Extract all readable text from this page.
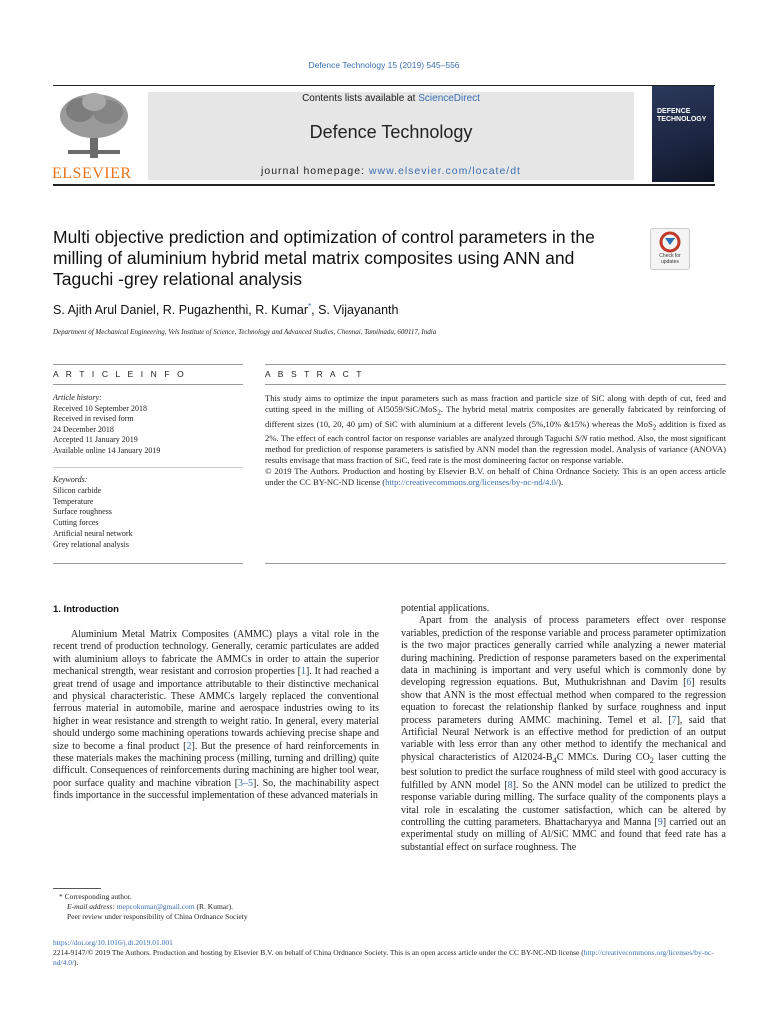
Defence Technology 15 (2019) 545–556
ELSEVIER
Contents lists available at ScienceDirect
Defence Technology
journal homepage: www.elsevier.com/locate/dt
DEFENCE TECHNOLOGY
Multi objective prediction and optimization of control parameters in the milling of aluminium hybrid metal matrix composites using ANN and Taguchi -grey relational analysis
Check for updates
S. Ajith Arul Daniel, R. Pugazhenthi, R. Kumar*, S. Vijayananth
Department of Mechanical Engineering, Vels Institute of Science, Technology and Advanced Studies, Chennai, Tamilnadu, 600117, India
A R T I C L E I N F O	A B S T R A C T
Article history:
Received 10 September 2018
Received in revised form
24 December 2018
Accepted 11 January 2019
Available online 14 January 2019
Keywords:
Silicon carbide
Temperature
Surface roughness
Cutting forces
Artificial neural network
Grey relational analysis
This study aims to optimize the input parameters such as mass fraction and particle size of SiC along with depth of cut, feed and cutting speed in the milling of Al5059/SiC/MoS$_2$. The hybrid metal matrix composites are generally fabricated by reinforcing of different sizes (10, 20, 40 µm) of SiC with aluminium at a different levels (5%,10% &15%) whereas the MoS$_2$ addition is fixed as 2%. The effect of each control factor on response variables are analyzed through Taguchi S/N ratio method. Also, the most significant method for prediction of response parameters is satisfied by ANN model than the regression model. Analysis of variance (ANOVA) results envisage that mass fraction of SiC, feed rate is the most domineering factor on response variable.
© 2019 The Authors. Production and hosting by Elsevier B.V. on behalf of China Ordnance Society. This is an open access article under the CC BY-NC-ND license (http://creativecommons.org/licenses/by-nc-nd/4.0/).
1. Introduction
Aluminium Metal Matrix Composites (AMMC) plays a vital role in the recent trend of production technology. Generally, ceramic particulates are added with aluminium alloys to fabricate the AMMCs in order to attain the superior mechanical strength, wear resistant and corrosion properties [1]. It had reached a great trend of usage and importance attributable to their distinctive mechanical and physical characteristic. These AMMCs largely replaced the conventional ferrous material in automobile, marine and aerospace industries owing to its higher in wear resistance and strength to weight ratio. In general, every material should undergo some machining operations towards achieving precise shape and size to become a final product [2]. But the presence of hard reinforcements in these materials makes the machining process (milling, turning and drilling) quite difficult. Consequences of reinforcements during machining are higher tool wear, poor surface quality and machine vibration [3–5]. So, the machinability aspect finds importance in the successful implementation of these advanced materials in
potential applications.
Apart from the analysis of process parameters effect over response variables, prediction of the response variable and process parameter optimization is the two major practices generally carried while analyzing a newer material during machining. Prediction of response parameters based on the experimental data in machining is important and very useful which is commonly done by developing regression equations. But, Muthukrishnan and Davim [6] results show that ANN is the most effectual method when compared to the regression equation to forecast the relationship flanked by surface roughness and input process parameters during AMMC machining. Temel et al. [7], said that Artificial Neural Network is an effective method for prediction of an output variable with less error than any other method to identify the mechanical and physical characteristics of $Al2024-B_4C$ MMCs. During $CO_2$ laser cutting the best solution to predict the surface roughness of mild steel with good accuracy is fulfilled by ANN model [8]. So the ANN model can be utilized to predict the response variable during milling. The surface quality of the components plays a vital role in escalating the customer satisfaction, which can be altered by controlling the cutting parameters. Bhattacharyya and Manna [9] carried out an experimental study on milling of Al/SiC MMC and found that feed rate has a substantial effect on surface roughness. The
* Corresponding author.
E-mail address: mepcokumar@gmail.com (R. Kumar).
Peer review under responsibility of China Ordnance Society
https://doi.org/10.1016/j.dt.2019.01.001
2214-9147/© 2019 The Authors. Production and hosting by Elsevier B.V. on behalf of China Ordnance Society. This is an open access article under the CC BY-NC-ND license (http://creativecommons.org/licenses/by-nc-nd/4.0/).
